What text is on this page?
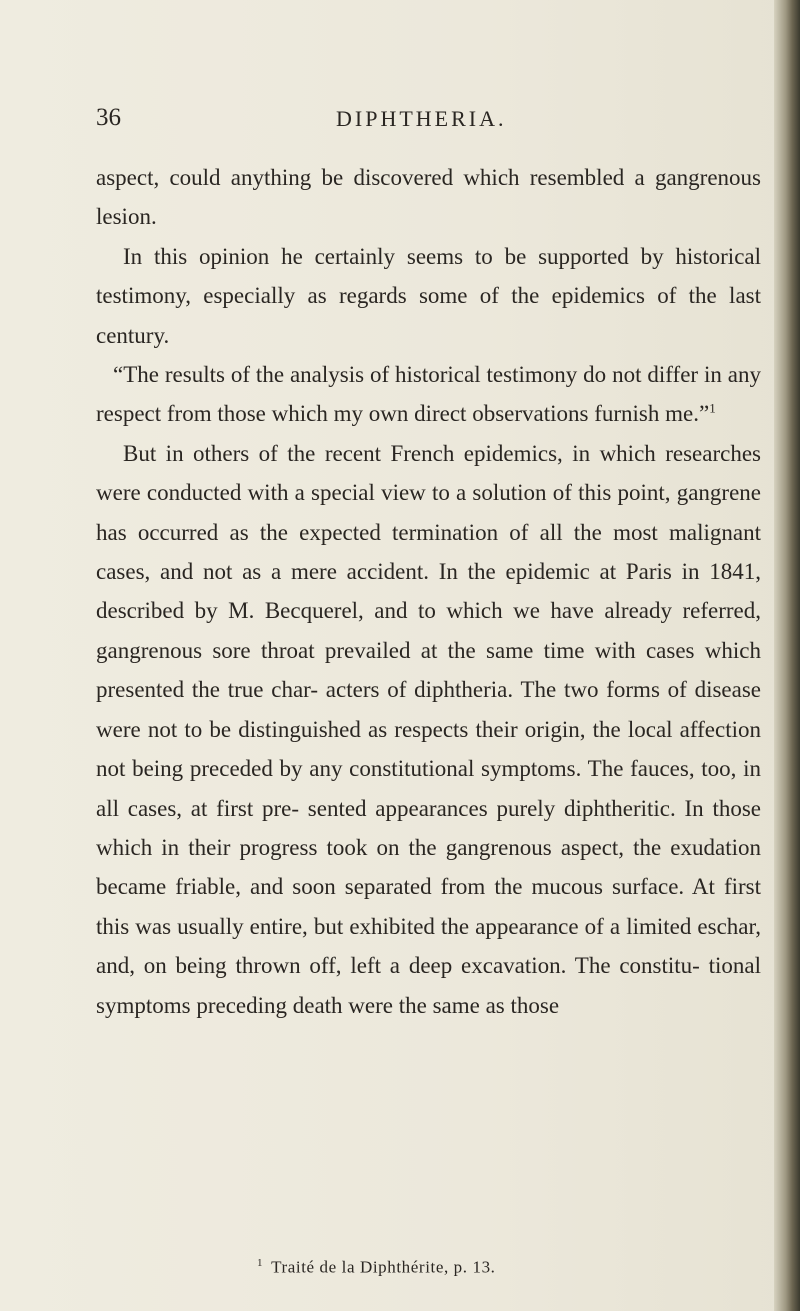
36	DIPHTHERIA.

aspect, could anything be discovered which resembled a gangrenous lesion.

In this opinion he certainly seems to be supported by historical testimony, especially as regards some of the epidemics of the last century.

“The results of the analysis of historical testimony do not differ in any respect from those which my own direct observations furnish me.”$^1$

But in others of the recent French epidemics, in which researches were conducted with a special view to a solution of this point, gangrene has occurred as the expected termination of all the most malignant cases, and not as a mere accident. In the epidemic at Paris in 1841, described by M. Becquerel, and to which we have already referred, gangrenous sore throat prevailed at the same time with cases which presented the true char- acters of diphtheria. The two forms of disease were not to be distinguished as respects their origin, the local affection not being preceded by any constitutional symptoms. The fauces, too, in all cases, at first pre- sented appearances purely diphtheritic. In those which in their progress took on the gangrenous aspect, the exudation became friable, and soon separated from the mucous surface. At first this was usually entire, but exhibited the appearance of a limited eschar, and, on being thrown off, left a deep excavation. The constitu- tional symptoms preceding death were the same as those

$^1$ Traité de la Diphthérite, p. 13.
